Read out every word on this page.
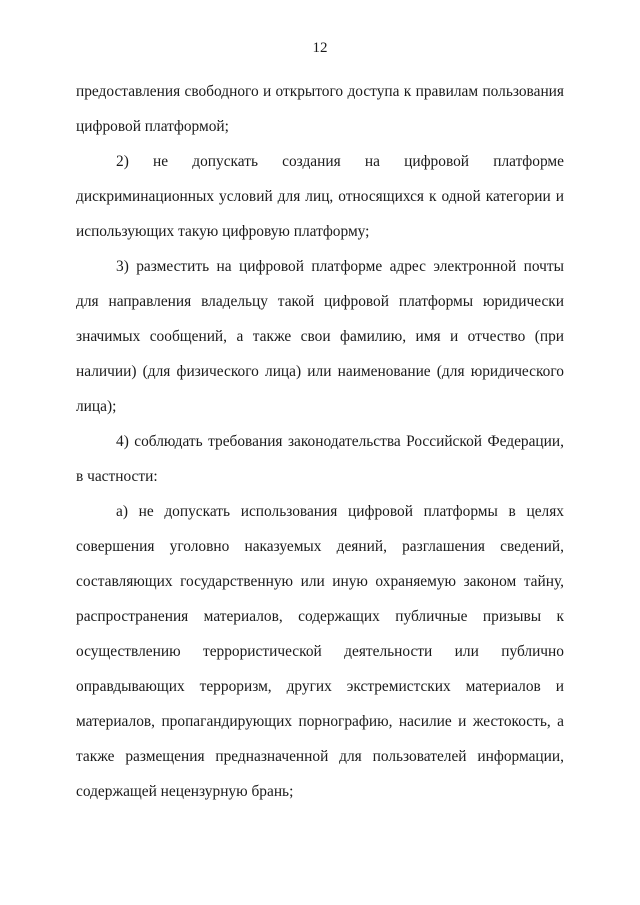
12

предоставления свободного и открытого доступа к правилам пользования цифровой платформой;

2) не допускать создания на цифровой платформе дискриминационных условий для лиц, относящихся к одной категории и использующих такую цифровую платформу;

3) разместить на цифровой платформе адрес электронной почты для направления владельцу такой цифровой платформы юридически значимых сообщений, а также свои фамилию, имя и отчество (при наличии) (для физического лица) или наименование (для юридического лица);

4) соблюдать требования законодательства Российской Федерации, в частности:

а) не допускать использования цифровой платформы в целях совершения уголовно наказуемых деяний, разглашения сведений, составляющих государственную или иную охраняемую законом тайну, распространения материалов, содержащих публичные призывы к осуществлению террористической деятельности или публично оправдывающих терроризм, других экстремистских материалов и материалов, пропагандирующих порнографию, насилие и жестокость, а также размещения предназначенной для пользователей информации, содержащей нецензурную брань;
